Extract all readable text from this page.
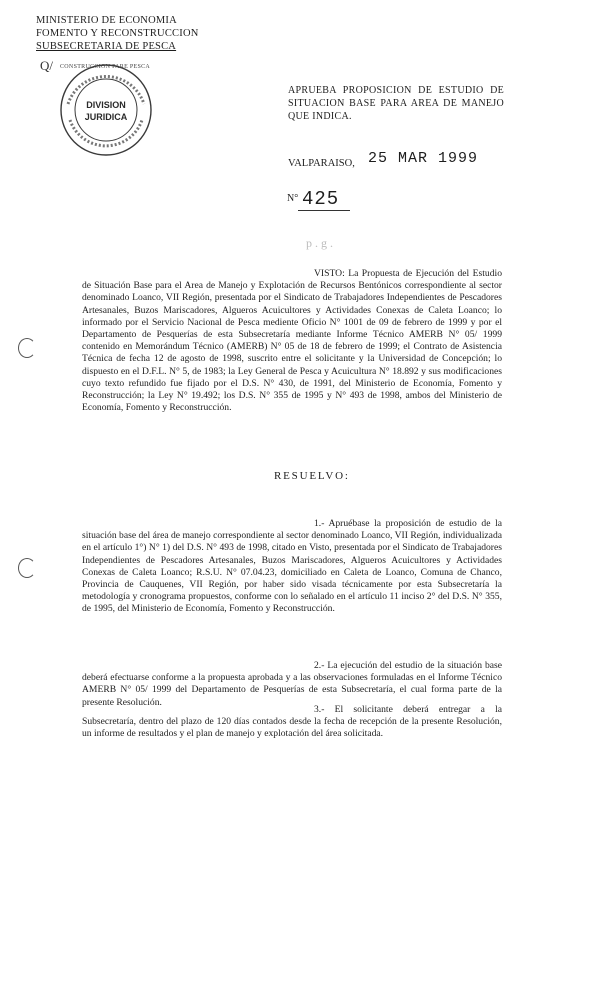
MINISTERIO DE ECONOMIA
FOMENTO Y RECONSTRUCCION
SUBSECRETARIA DE PESCA
Q/ CONSTRUCCION PARE PESCA
DIVISION
JURIDICA
APRUEBA PROPOSICION DE ESTUDIO DE SITUACION BASE PARA AREA DE MANEJO QUE INDICA.
VALPARAISO, 25 MAR 1999
N° 425
p.g.
VISTO: La Propuesta de Ejecución del Estudio de Situación Base para el Area de Manejo y Explotación de Recursos Bentónicos correspondiente al sector denominado Loanco, VII Región, presentada por el Sindicato de Trabajadores Independientes de Pescadores Artesanales, Buzos Mariscadores, Algueros Acuicultores y Actividades Conexas de Caleta Loanco; lo informado por el Servicio Nacional de Pesca mediente Oficio N° 1001 de 09 de febrero de 1999 y por el Departamento de Pesquerías de esta Subsecretaría mediante Informe Técnico AMERB N° 05/ 1999 contenido en Memorándum Técnico (AMERB) N° 05 de 18 de febrero de 1999; el Contrato de Asistencia Técnica de fecha 12 de agosto de 1998, suscrito entre el solicitante y la Universidad de Concepción; lo dispuesto en el D.F.L. N° 5, de 1983; la Ley General de Pesca y Acuicultura N° 18.892 y sus modificaciones cuyo texto refundido fue fijado por el D.S. N° 430, de 1991, del Ministerio de Economía, Fomento y Reconstrucción; la Ley N° 19.492; los D.S. N° 355 de 1995 y N° 493 de 1998, ambos del Ministerio de Economía, Fomento y Reconstrucción.
RESUELVO:
1.- Apruébase la proposición de estudio de la situación base del área de manejo correspondiente al sector denominado Loanco, VII Región, individualizada en el artículo 1°) N° 1) del D.S. N° 493 de 1998, citado en Visto, presentada por el Sindicato de Trabajadores Independientes de Pescadores Artesanales, Buzos Mariscadores, Algueros Acuicultores y Actividades Conexas de Caleta Loanco; R.S.U. N° 07.04.23, domiciliado en Caleta de Loanco, Comuna de Chanco, Provincia de Cauquenes, VII Región, por haber sido visada técnicamente por esta Subsecretaría la metodología y cronograma propuestos, conforme con lo señalado en el artículo 11 inciso 2° del D.S. N° 355, de 1995, del Ministerio de Economía, Fomento y Reconstrucción.
2.- La ejecución del estudio de la situación base deberá efectuarse conforme a la propuesta aprobada y a las observaciones formuladas en el Informe Técnico AMERB N° 05/ 1999 del Departamento de Pesquerías de esta Subsecretaría, el cual forma parte de la presente Resolución.
3.- El solicitante deberá entregar a la Subsecretaría, dentro del plazo de 120 días contados desde la fecha de recepción de la presente Resolución, un informe de resultados y el plan de manejo y explotación del área solicitada.
